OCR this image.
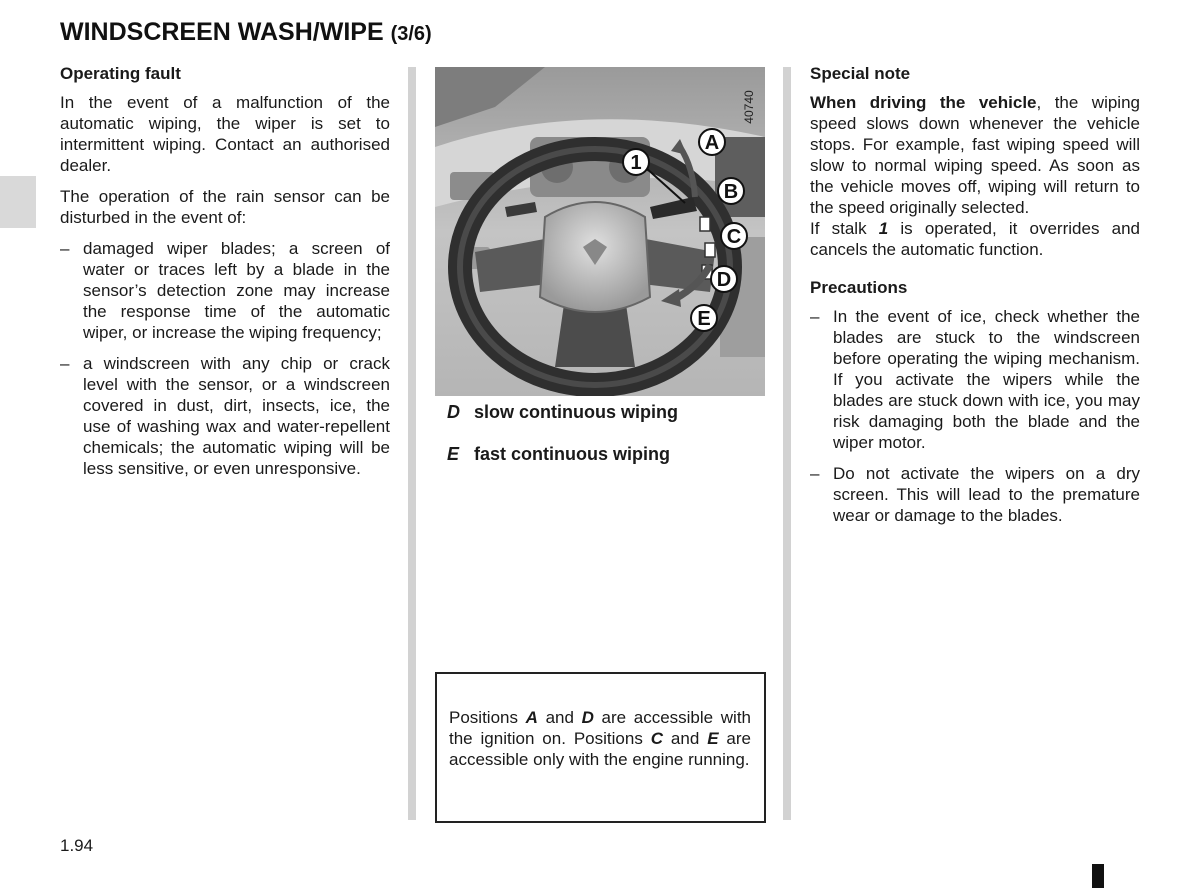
WINDSCREEN WASH/WIPE (3/6)
Operating fault

In the event of a malfunction of the automatic wiping, the wiper is set to intermittent wiping. Contact an authorised dealer.

The operation of the rain sensor can be disturbed in the event of:

– damaged wiper blades; a screen of water or traces left by a blade in the sensor’s detection zone may increase the response time of the automatic wiper, or increase the wiping frequency;
– a windscreen with any chip or crack level with the sensor, or a windscreen covered in dust, dirt, insects, ice, the use of washing wax and water-repellent chemicals; the automatic wiping will be less sensitive, or even unresponsive.
40740
1
A
B
C
D
E
D slow continuous wiping
E fast continuous wiping
Positions A and D are accessible with the ignition on. Positions C and E are accessible only with the engine running.
Special note

When driving the vehicle, the wiping speed slows down whenever the vehicle stops. For example, fast wiping speed will slow to normal wiping speed. As soon as the vehicle moves off, wiping will return to the speed originally selected.

If stalk 1 is operated, it overrides and cancels the automatic function.

Precautions
– In the event of ice, check whether the blades are stuck to the windscreen before operating the wiping mechanism. If you activate the wipers while the blades are stuck down with ice, you may risk damaging both the blade and the wiper motor.
– Do not activate the wipers on a dry screen. This will lead to the premature wear or damage to the blades.
1.94
